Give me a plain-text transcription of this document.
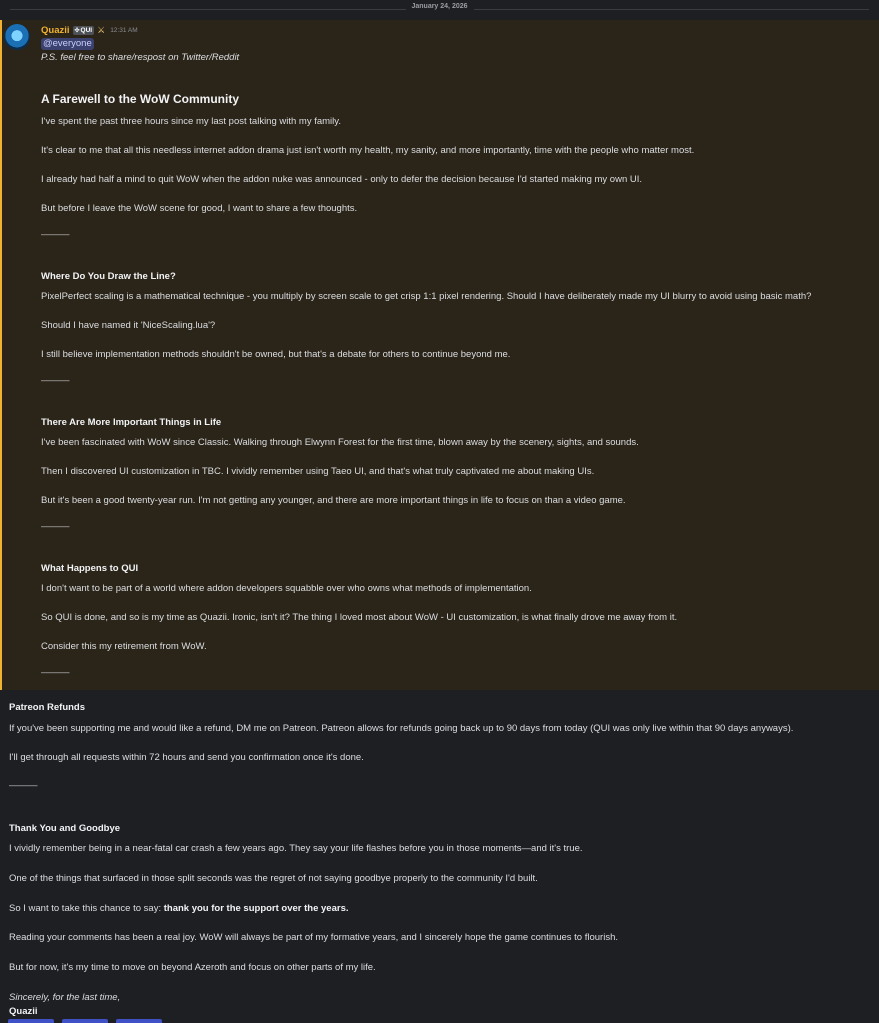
January 24, 2026
Quazii ✣ QUI ⚔ 12:31 AM
@everyone
P.S. feel free to share/respost on Twitter/Reddit
A Farewell to the WoW Community
I've spent the past three hours since my last post talking with my family.
It's clear to me that all this needless internet addon drama just isn't worth my health, my sanity, and more importantly, time with the people who matter most.
I already had half a mind to quit WoW when the addon nuke was announced - only to defer the decision because I'd started making my own UI.
But before I leave the WoW scene for good, I want to share a few thoughts.
———
Where Do You Draw the Line?
PixelPerfect scaling is a mathematical technique - you multiply by screen scale to get crisp 1:1 pixel rendering. Should I have deliberately made my UI blurry to avoid using basic math?
Should I have named it 'NiceScaling.lua'?
I still believe implementation methods shouldn't be owned, but that's a debate for others to continue beyond me.
———
There Are More Important Things in Life
I've been fascinated with WoW since Classic. Walking through Elwynn Forest for the first time, blown away by the scenery, sights, and sounds.
Then I discovered UI customization in TBC. I vividly remember using Taeo UI, and that's what truly captivated me about making UIs.
But it's been a good twenty-year run. I'm not getting any younger, and there are more important things in life to focus on than a video game.
———
What Happens to QUI
I don't want to be part of a world where addon developers squabble over who owns what methods of implementation.
So QUI is done, and so is my time as Quazii. Ironic, isn't it? The thing I loved most about WoW - UI customization, is what finally drove me away from it.
Consider this my retirement from WoW.
———
Patreon Refunds
If you've been supporting me and would like a refund, DM me on Patreon. Patreon allows for refunds going back up to 90 days from today (QUI was only live within that 90 days anyways).
I'll get through all requests within 72 hours and send you confirmation once it's done.
———
Thank You and Goodbye
I vividly remember being in a near-fatal car crash a few years ago. They say your life flashes before you in those moments—and it's true.
One of the things that surfaced in those split seconds was the regret of not saying goodbye properly to the community I'd built.
So I want to take this chance to say: thank you for the support over the years.
Reading your comments has been a real joy. WoW will always be part of my formative years, and I sincerely hope the game continues to flourish.
But for now, it's my time to move on beyond Azeroth and focus on other parts of my life.
Sincerely, for the last time,
Quazii
